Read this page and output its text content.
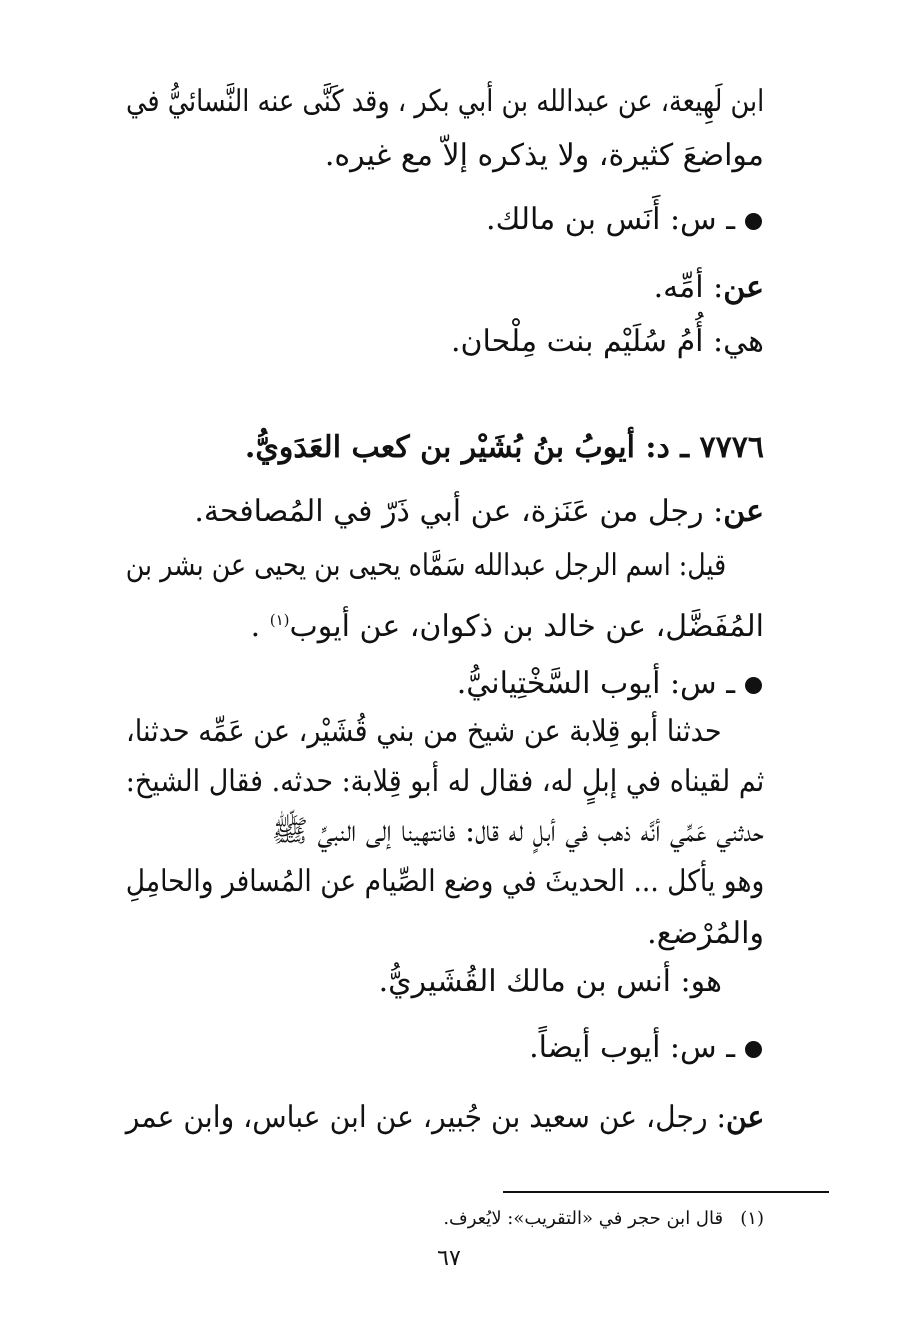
ابن لَهِيعة، عن عبدالله بن أبي بكر ، وقد كَنَّى عنه النَّسائيُّ في
مواضعَ كثيرة، ولا يذكره إلاّ مع غيره.
ـ س: أَنَس بن مالك.
عن: أمِّه.
هي: أُمُ سُلَيْم بنت مِلْحان.
٧٧٧٦ ـ د: أيوبُ بنُ بُشَيْر بن كعب العَدَويُّ.
عن: رجل من عَنَزة، عن أبي ذَرّ في المُصافحة.
قيل: اسم الرجل عبدالله سَمَّاه يحيى بن يحيى عن بشر بن
المُفَضَّل، عن خالد بن ذكوان، عن أيوب$^{(١)}$ .
ـ س: أيوب السَّخْتِيانيُّ.
حدثنا أبو قِلابة عن شيخ من بني قُشَيْر، عن عَمِّه حدثنا،
ثم لقيناه في إبلٍ له، فقال له أبو قِلابة: حدثه. فقال الشيخ:
حدثني عَمِّي أنَّه ذهب في أبلٍ له قال: فانتهينا إلى النبيِّ ﷺ
وهو يأكل ... الحديثَ في وضع الصِّيام عن المُسافر والحامِلِ
والمُرْضع.
هو: أنس بن مالك القُشَيريُّ.
ـ س: أيوب أيضاً.
عن: رجل، عن سعيد بن جُبير، عن ابن عباس، وابن عمر
(١)   قال ابن حجر في «التقريب»: لايُعرف.
٦٧
